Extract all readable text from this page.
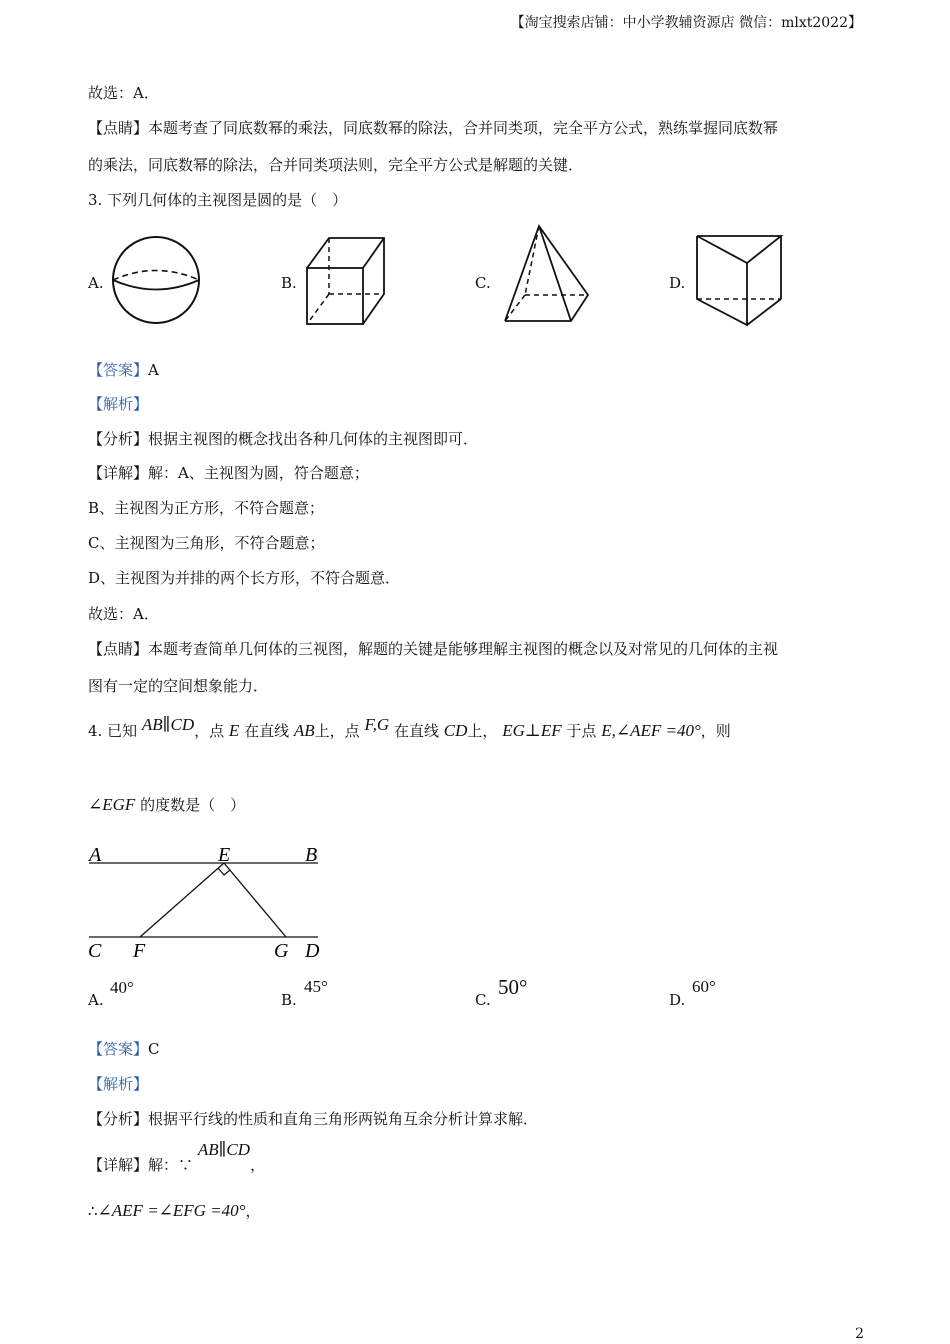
【淘宝搜索店铺：中小学教辅资源店 微信：mlxt2022】
故选：A．
【点睛】本题考查了同底数幂的乘法，同底数幂的除法，合并同类项，完全平方公式，熟练掌握同底数幂
的乘法，同底数幂的除法，合并同类项法则，完全平方公式是解题的关键．
3. 下列几何体的主视图是圆的是（　）
A.	B.	C.	D.
【答案】A
【解析】
【分析】根据主视图的概念找出各种几何体的主视图即可．
【详解】解：A、主视图为圆，符合题意；
B、主视图为正方形，不符合题意；
C、主视图为三角形，不符合题意；
D、主视图为并排的两个长方形，不符合题意．
故选：A．
【点睛】本题考查简单几何体的三视图，解题的关键是能够理解主视图的概念以及对常见的几何体的主视
图有一定的空间想象能力．
4. 已知 AB∥CD，点 E 在直线 AB上，点 F,G 在直线 CD上， EG⊥EF 于点 E,∠AEF =40°，则
∠EGF 的度数是（　）
A	E	B
C F	G D
A.
40°
B.
45°
C.
50°
D.
60°
【答案】C
【解析】
【分析】根据平行线的性质和直角三角形两锐角互余分析计算求解．
【详解】解：∵ AB∥CD，
∴∠AEF =∠EFG =40°，
2
